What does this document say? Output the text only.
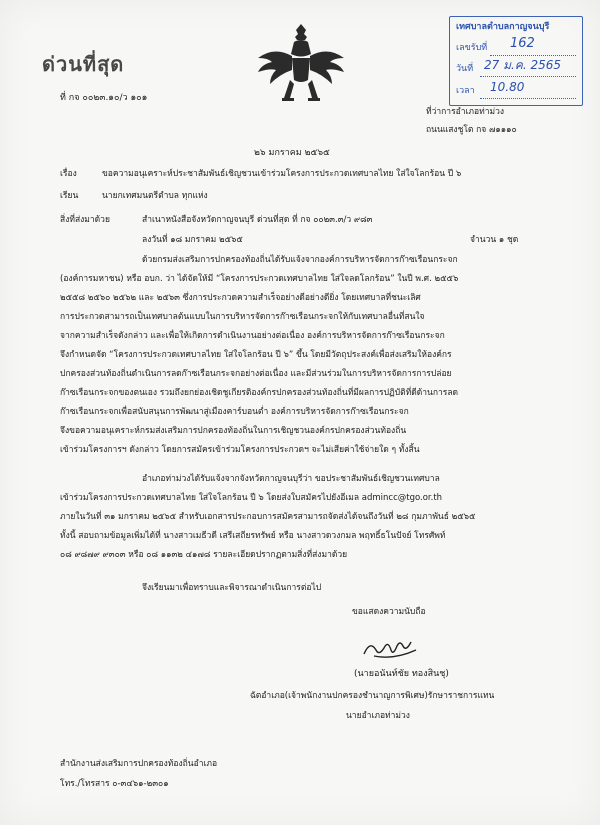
ด่วนที่สุด
ที่ กจ ๐๐๒๓.๑๐/ว ๑๐๑
เทศบาลตำบลกาญจนบุรี
เลขรับที่ 162
วันที่ 27 ม.ค. 2565
เวลา 10.80
ที่ว่าการอำเภอท่าม่วง
ถนนแสงชูโต กจ ๗๑๑๑๐
๒๖ มกราคม ๒๕๖๕
เรื่อง	ขอความอนุเคราะห์ประชาสัมพันธ์เชิญชวนเข้าร่วมโครงการประกวดเทศบาลไทย ใส่ใจโลกร้อน ปี ๖
เรียน	นายกเทศมนตรีตำบล ทุกแห่ง
สิ่งที่ส่งมาด้วย	สำเนาหนังสือจังหวัดกาญจนบุรี ด่วนที่สุด ที่ กจ ๐๐๒๓.๓/ว ๙๘๓
ลงวันที่ ๑๘ มกราคม ๒๕๖๕	จำนวน ๑ ชุด
ด้วยกรมส่งเสริมการปกครองท้องถิ่นได้รับแจ้งจากองค์การบริหารจัดการก๊าซเรือนกระจก
(องค์การมหาชน) หรือ อบก. ว่า ได้จัดให้มี “โครงการประกวดเทศบาลไทย ใส่ใจลดโลกร้อน” ในปี พ.ศ. ๒๕๕๖
๒๕๕๘ ๒๕๖๐ ๒๕๖๒ และ ๒๕๖๓ ซึ่งการประกวดความสำเร็จอย่างดีอย่างดียิ่ง โดยเทศบาลที่ชนะเลิศ
การประกวดสามารถเป็นเทศบาลต้นแบบในการบริหารจัดการก๊าซเรือนกระจกให้กับเทศบาลอื่นที่สนใจ
จากความสำเร็จดังกล่าว และเพื่อให้เกิดการดำเนินงานอย่างต่อเนื่อง องค์การบริหารจัดการก๊าซเรือนกระจก
จึงกำหนดจัด “โครงการประกวดเทศบาลไทย ใส่ใจโลกร้อน ปี ๖” ขึ้น โดยมีวัตถุประสงค์เพื่อส่งเสริมให้องค์กร
ปกครองส่วนท้องถิ่นดำเนินการลดก๊าซเรือนกระจกอย่างต่อเนื่อง และมีส่วนร่วมในการบริหารจัดการการปล่อย
ก๊าซเรือนกระจกของตนเอง รวมถึงยกย่องเชิดชูเกียรติองค์กรปกครองส่วนท้องถิ่นที่มีผลการปฏิบัติที่ดีด้านการลด
ก๊าซเรือนกระจกเพื่อสนับสนุนการพัฒนาสู่เมืองคาร์บอนต่ำ องค์การบริหารจัดการก๊าซเรือนกระจก
จึงขอความอนุเคราะห์กรมส่งเสริมการปกครองท้องถิ่นในการเชิญชวนองค์กรปกครองส่วนท้องถิ่น
เข้าร่วมโครงการฯ ดังกล่าว โดยการสมัครเข้าร่วมโครงการประกวดฯ จะไม่เสียค่าใช้จ่ายใด ๆ ทั้งสิ้น
อำเภอท่าม่วงได้รับแจ้งจากจังหวัดกาญจนบุรีว่า ขอประชาสัมพันธ์เชิญชวนเทศบาล
เข้าร่วมโครงการประกวดเทศบาลไทย ใส่ใจโลกร้อน ปี ๖ โดยส่งใบสมัครไปยังอีเมล admincc@tgo.or.th
ภายในวันที่ ๓๑ มกราคม ๒๕๖๕ สำหรับเอกสารประกอบการสมัครสามารถจัดส่งได้จนถึงวันที่ ๒๘ กุมภาพันธ์ ๒๕๖๕
ทั้งนี้ สอบถามข้อมูลเพิ่มได้ที่ นางสาวเมธีวดี เสรีเสถียรทรัพย์ หรือ นางสาวดวงกมล พฤทธิ์ธโนปัจย์ โทรศัพท์
๐๘ ๙๘๗๙ ๙๓๐๓ หรือ ๐๘ ๑๑๓๒ ๔๑๗๘ รายละเอียดปรากฏตามสิ่งที่ส่งมาด้วย
จึงเรียนมาเพื่อทราบและพิจารณาดำเนินการต่อไป
ขอแสดงความนับถือ
(นายอนันท์ชัย ทองสินชุ)
ฉัตอำเภอ(เจ้าพนักงานปกครองชำนาญการพิเศษ)รักษาราชการแทน
นายอำเภอท่าม่วง
สำนักงานส่งเสริมการปกครองท้องถิ่นอำเภอ
โทร./โทรสาร ๐-๓๔๖๑-๒๓๐๑
